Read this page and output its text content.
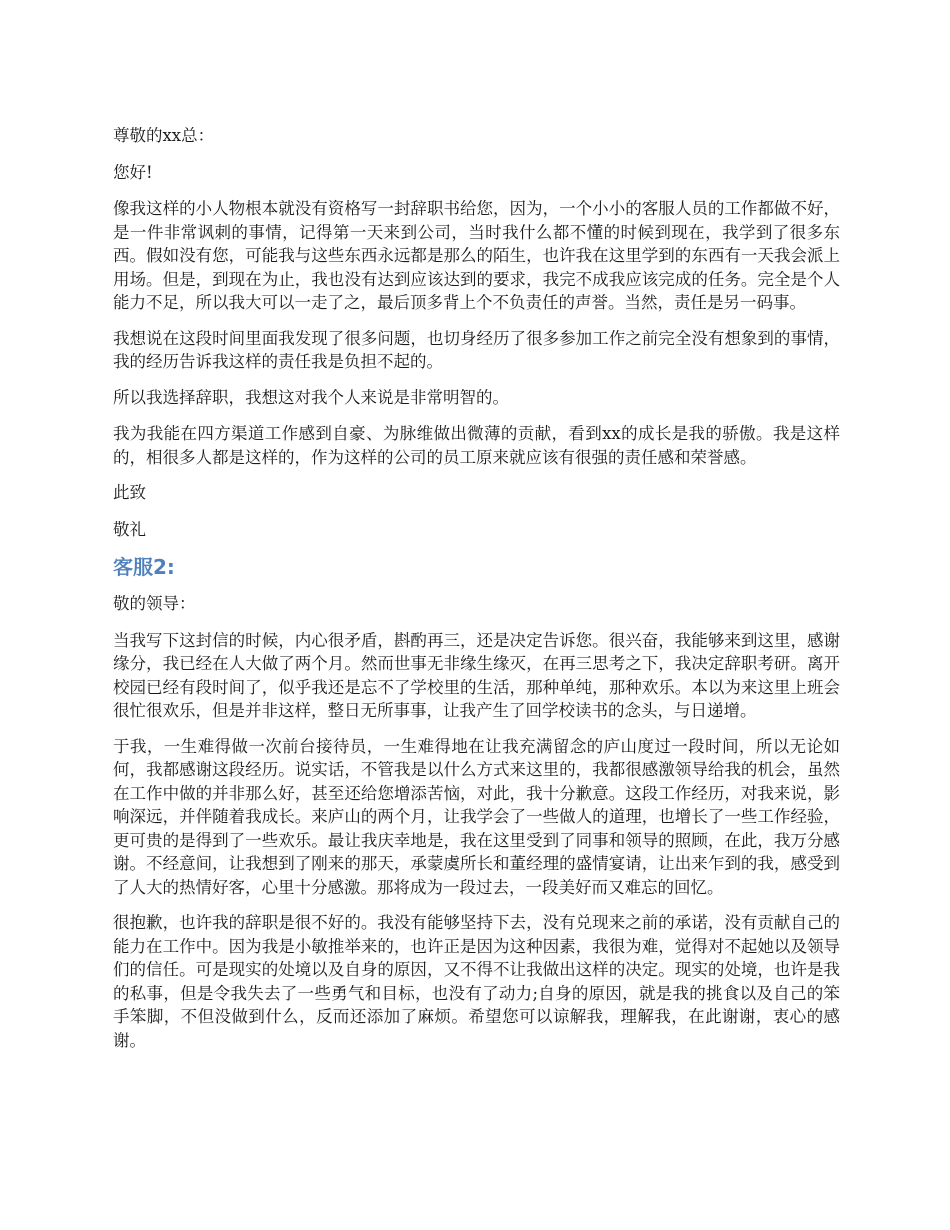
尊敬的xx总：

您好!

像我这样的小人物根本就没有资格写一封辞职书给您，因为，一个小小的客服人员的工作都做不好，是一件非常讽刺的事情，记得第一天来到公司，当时我什么都不懂的时候到现在，我学到了很多东西。假如没有您，可能我与这些东西永远都是那么的陌生，也许我在这里学到的东西有一天我会派上用场。但是，到现在为止，我也没有达到应该达到的要求，我完不成我应该完成的任务。完全是个人能力不足，所以我大可以一走了之，最后顶多背上个不负责任的声誉。当然，责任是另一码事。

我想说在这段时间里面我发现了很多问题，也切身经历了很多参加工作之前完全没有想象到的事情，我的经历告诉我这样的责任我是负担不起的。

所以我选择辞职，我想这对我个人来说是非常明智的。

我为我能在四方渠道工作感到自豪、为脉维做出微薄的贡献，看到xx的成长是我的骄傲。我是这样的，相很多人都是这样的，作为这样的公司的员工原来就应该有很强的责任感和荣誉感。

此致

敬礼

客服2:

敬的领导：

当我写下这封信的时候，内心很矛盾，斟酌再三，还是决定告诉您。很兴奋，我能够来到这里，感谢缘分，我已经在人大做了两个月。然而世事无非缘生缘灭，在再三思考之下，我决定辞职考研。离开校园已经有段时间了，似乎我还是忘不了学校里的生活，那种单纯，那种欢乐。本以为来这里上班会很忙很欢乐，但是并非这样，整日无所事事，让我产生了回学校读书的念头，与日递增。

于我，一生难得做一次前台接待员，一生难得地在让我充满留念的庐山度过一段时间，所以无论如何，我都感谢这段经历。说实话，不管我是以什么方式来这里的，我都很感激领导给我的机会，虽然在工作中做的并非那么好，甚至还给您增添苦恼，对此，我十分歉意。这段工作经历，对我来说，影响深远，并伴随着我成长。来庐山的两个月，让我学会了一些做人的道理，也增长了一些工作经验，更可贵的是得到了一些欢乐。最让我庆幸地是，我在这里受到了同事和领导的照顾，在此，我万分感谢。不经意间，让我想到了刚来的那天，承蒙虞所长和董经理的盛情宴请，让出来乍到的我，感受到了人大的热情好客，心里十分感激。那将成为一段过去，一段美好而又难忘的回忆。

很抱歉，也许我的辞职是很不好的。我没有能够坚持下去，没有兑现来之前的承诺，没有贡献自己的能力在工作中。因为我是小敏推举来的，也许正是因为这种因素，我很为难，觉得对不起她以及领导们的信任。可是现实的处境以及自身的原因，又不得不让我做出这样的决定。现实的处境，也许是我的私事，但是令我失去了一些勇气和目标，也没有了动力;自身的原因，就是我的挑食以及自己的笨手笨脚，不但没做到什么，反而还添加了麻烦。希望您可以谅解我，理解我，在此谢谢，衷心的感谢。
